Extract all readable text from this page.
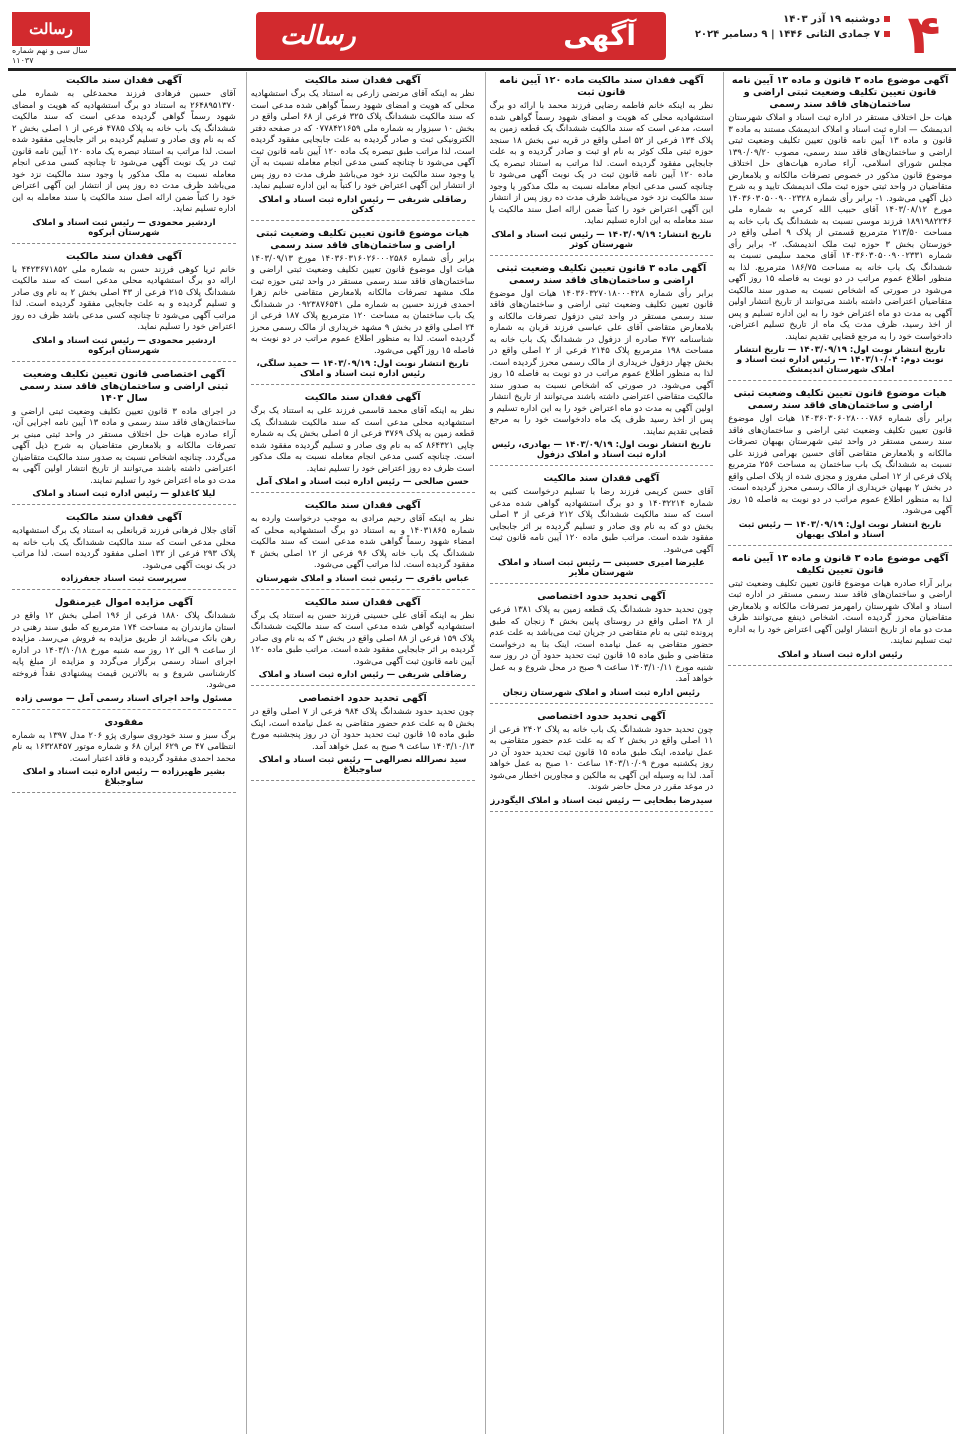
۴
دوشنبه ۱۹ آذر ۱۴۰۳
۷ جمادی الثانی ۱۴۴۶ | ۹ دسامبر ۲۰۲۴
آگهی
رسالت
رسالت
سال سی و نهم شماره ۱۱۰۳۷
آگهی موضوع ماده ۳ قانون و ماده ۱۳ آیین نامه قانون تعیین تکلیف وضعیت ثبتی اراضی و ساختمان‌های فاقد سند رسمی

هیات حل اختلاف مستقر در اداره ثبت اسناد و املاک شهرستان اندیمشک — اداره ثبت اسناد و املاک اندیمشک مستند به ماده ۳ قانون و ماده ۱۳ آیین نامه قانون تعیین تکلیف وضعیت ثبتی اراضی و ساختمان‌های فاقد سند رسمی، مصوب ۱۳۹۰/۰۹/۲۰ مجلس شورای اسلامی، آراء صادره هیات‌های حل اختلاف موضوع قانون مذکور در خصوص تصرفات مالکانه و بلامعارض متقاضیان در واحد ثبتی حوزه ثبت ملک اندیمشک تایید و به شرح ذیل آگهی می‌شود. ۱- برابر رأی شماره ۱۴۰۳۶۰۳۰۵۰۰۹۰۰۲۳۲۸ مورخ ۱۴۰۳/۰۸/۱۲ آقای حبیب الله کرمی به شماره ملی ۱۸۹۱۹۸۲۲۴۶ فرزند موسی نسبت به ششدانگ یک باب خانه به مساحت ۲۱۳/۵۰ مترمربع قسمتی از پلاک ۹ اصلی واقع در خوزستان بخش ۳ حوزه ثبت ملک اندیمشک. ۲- برابر رأی شماره ۱۴۰۳۶۰۳۰۵۰۰۹۰۰۲۳۳۱ آقای محمد سلیمی نسبت به ششدانگ یک باب خانه به مساحت ۱۸۶/۷۵ مترمربع. لذا به منظور اطلاع عموم مراتب در دو نوبت به فاصله ۱۵ روز آگهی می‌شود در صورتی که اشخاص نسبت به صدور سند مالکیت متقاضیان اعتراضی داشته باشند می‌توانند از تاریخ انتشار اولین آگهی به مدت دو ماه اعتراض خود را به این اداره تسلیم و پس از اخذ رسید، ظرف مدت یک ماه از تاریخ تسلیم اعتراض، دادخواست خود را به مرجع قضایی تقدیم نمایند.

تاریخ انتشار نوبت اول: ۱۴۰۳/۰۹/۱۹ — تاریخ انتشار نوبت دوم: ۱۴۰۳/۱۰/۰۴ — رئیس اداره ثبت اسناد و املاک شهرستان اندیمشک
هیات موضوع قانون تعیین تکلیف وضعیت ثبتی اراضی و ساختمان‌های فاقد سند رسمی

برابر رأی شماره ۱۴۰۳۶۰۳۰۶۰۲۸۰۰۰۷۸۶ هیات اول موضوع قانون تعیین تکلیف وضعیت ثبتی اراضی و ساختمان‌های فاقد سند رسمی مستقر در واحد ثبتی شهرستان بهبهان تصرفات مالکانه و بلامعارض متقاضی آقای حسین بهرامی فرزند علی نسبت به ششدانگ یک باب ساختمان به مساحت ۲۵۶ مترمربع پلاک فرعی از ۱۲ اصلی مفروز و مجزی شده از پلاک اصلی واقع در بخش ۲ بهبهان خریداری از مالک رسمی محرز گردیده است. لذا به منظور اطلاع عموم مراتب در دو نوبت به فاصله ۱۵ روز آگهی می‌شود.

تاریخ انتشار نوبت اول: ۱۴۰۳/۰۹/۱۹ — رئیس ثبت اسناد و املاک بهبهان
آگهی موضوع ماده ۳ قانون و ماده ۱۳ آیین نامه قانون تعیین تکلیف

برابر آراء صادره هیات موضوع قانون تعیین تکلیف وضعیت ثبتی اراضی و ساختمان‌های فاقد سند رسمی مستقر در اداره ثبت اسناد و املاک شهرستان رامهرمز تصرفات مالکانه و بلامعارض متقاضیان محرز گردیده است. اشخاص ذینفع می‌توانند ظرف مدت دو ماه از تاریخ انتشار اولین آگهی اعتراض خود را به اداره ثبت تسلیم نمایند.

رئیس اداره ثبت اسناد و املاک
آگهی فقدان سند مالکیت ماده ۱۲۰ آیین نامه قانون ثبت

نظر به اینکه خانم فاطمه رضایی فرزند محمد با ارائه دو برگ استشهادیه محلی که هویت و امضای شهود رسماً گواهی شده است، مدعی است که سند مالکیت ششدانگ یک قطعه زمین به پلاک ۱۳۴ فرعی از ۵۲ اصلی واقع در قریه نبی بخش ۱۸ سنجد حوزه ثبتی ملک کوثر به نام او ثبت و صادر گردیده و به علت جابجایی مفقود گردیده است. لذا مراتب به استناد تبصره یک ماده ۱۲۰ آیین نامه قانون ثبت در یک نوبت آگهی می‌شود تا چنانچه کسی مدعی انجام معامله نسبت به ملک مذکور یا وجود سند مالکیت نزد خود می‌باشد ظرف مدت ده روز پس از انتشار این آگهی اعتراض خود را کتباً ضمن ارائه اصل سند مالکیت یا سند معامله به این اداره تسلیم نماید.

تاریخ انتشار: ۱۴۰۳/۰۹/۱۹ — رئیس ثبت اسناد و املاک شهرستان کوثر
آگهی ماده ۳ قانون تعیین تکلیف وضعیت ثبتی اراضی و ساختمان‌های فاقد سند رسمی

برابر رأی شماره ۱۴۰۳۶۰۳۲۷۰۱۸۰۰۰۴۲۸ هیات اول موضوع قانون تعیین تکلیف وضعیت ثبتی اراضی و ساختمان‌های فاقد سند رسمی مستقر در واحد ثبتی دزفول تصرفات مالکانه و بلامعارض متقاضی آقای علی عباسی فرزند قربان به شماره شناسنامه ۴۷۲ صادره از دزفول در ششدانگ یک باب خانه به مساحت ۱۹۸ مترمربع پلاک ۲۱۴۵ فرعی از ۲ اصلی واقع در بخش چهار دزفول خریداری از مالک رسمی محرز گردیده است. لذا به منظور اطلاع عموم مراتب در دو نوبت به فاصله ۱۵ روز آگهی می‌شود. در صورتی که اشخاص نسبت به صدور سند مالکیت متقاضی اعتراضی داشته باشند می‌توانند از تاریخ انتشار اولین آگهی به مدت دو ماه اعتراض خود را به این اداره تسلیم و پس از اخذ رسید ظرف یک ماه دادخواست خود را به مرجع قضایی تقدیم نمایند.

تاریخ انتشار نوبت اول: ۱۴۰۳/۰۹/۱۹ — بهادری، رئیس اداره ثبت اسناد و املاک دزفول
آگهی فقدان سند مالکیت

آقای حسن کریمی فرزند رضا با تسلیم درخواست کتبی به شماره ۱۴۰۳۲۲۱۴ و دو برگ استشهادیه گواهی شده مدعی است که سند مالکیت ششدانگ پلاک ۲۱۲ فرعی از ۳ اصلی بخش دو که به نام وی صادر و تسلیم گردیده بر اثر جابجایی مفقود شده است. مراتب طبق ماده ۱۲۰ آیین نامه قانون ثبت آگهی می‌شود.

علیرضا امیری حسینی — رئیس ثبت اسناد و املاک شهرستان ملایر
آگهی تحدید حدود اختصاصی

چون تحدید حدود ششدانگ یک قطعه زمین به پلاک ۱۳۸۱ فرعی از ۲۸ اصلی واقع در روستای پایین بخش ۴ زنجان که طبق پرونده ثبتی به نام متقاضی در جریان ثبت می‌باشد به علت عدم حضور متقاضی به عمل نیامده است، اینک بنا به درخواست متقاضی و طبق ماده ۱۵ قانون ثبت تحدید حدود آن در روز سه شنبه مورخ ۱۴۰۳/۱۰/۱۱ ساعت ۹ صبح در محل شروع و به عمل خواهد آمد.

رئیس اداره ثبت اسناد و املاک شهرستان زنجان
آگهی تحدید حدود اختصاصی

چون تحدید حدود ششدانگ یک باب خانه به پلاک ۲۴۰۲ فرعی از ۱۱ اصلی واقع در بخش ۲ که به علت عدم حضور متقاضی به عمل نیامده، اینک طبق ماده ۱۵ قانون ثبت تحدید حدود آن در روز یکشنبه مورخ ۱۴۰۳/۱۰/۰۹ ساعت ۱۰ صبح به عمل خواهد آمد. لذا به وسیله این آگهی به مالکین و مجاورین اخطار می‌شود در موعد مقرر در محل حاضر شوند.

سیدرضا بطحایی — رئیس ثبت اسناد و املاک الیگودرز
آگهی فقدان سند مالکیت

نظر به اینکه آقای مرتضی زارعی به استناد یک برگ استشهادیه محلی که هویت و امضای شهود رسماً گواهی شده مدعی است که سند مالکیت ششدانگ پلاک ۳۲۵ فرعی از ۶۸ اصلی واقع در بخش ۱۰ سبزوار به شماره ملی ۰۷۷۸۴۲۱۶۵۹ که در صفحه دفتر الکترونیکی ثبت و صادر گردیده به علت جابجایی مفقود گردیده است، لذا مراتب طبق تبصره یک ماده ۱۲۰ آیین نامه قانون ثبت آگهی می‌شود تا چنانچه کسی مدعی انجام معامله نسبت به آن یا وجود سند مالکیت نزد خود می‌باشد ظرف مدت ده روز پس از انتشار این آگهی اعتراض خود را کتباً به این اداره تسلیم نماید.

رضاقلی شریفی — رئیس اداره ثبت اسناد و املاک کدکن
هیات موضوع قانون تعیین تکلیف وضعیت ثبتی اراضی و ساختمان‌های فاقد سند رسمی

برابر رأی شماره ۱۴۰۳۶۰۳۱۶۰۲۶۰۰۰۲۵۸۶ مورخ ۱۴۰۳/۰۹/۱۳ هیات اول موضوع قانون تعیین تکلیف وضعیت ثبتی اراضی و ساختمان‌های فاقد سند رسمی مستقر در واحد ثبتی حوزه ثبت ملک مشهد تصرفات مالکانه بلامعارض متقاضی خانم زهرا احمدی فرزند حسین به شماره ملی ۰۹۲۳۸۷۶۵۴۱ در ششدانگ یک باب ساختمان به مساحت ۱۲۰ مترمربع پلاک ۱۸۷ فرعی از ۲۴ اصلی واقع در بخش ۹ مشهد خریداری از مالک رسمی محرز گردیده است. لذا به منظور اطلاع عموم مراتب در دو نوبت به فاصله ۱۵ روز آگهی می‌شود.

تاریخ انتشار نوبت اول: ۱۴۰۳/۰۹/۱۹ — حمید سلگی، رئیس اداره ثبت اسناد و املاک
آگهی فقدان سند مالکیت

نظر به اینکه آقای محمد قاسمی فرزند علی به استناد یک برگ استشهادیه محلی مدعی است که سند مالکیت ششدانگ یک قطعه زمین به پلاک ۳۷۶۹ فرعی از ۵ اصلی بخش یک به شماره چاپی ۸۶۴۳۲۱ که به نام وی صادر و تسلیم گردیده مفقود شده است. چنانچه کسی مدعی انجام معامله نسبت به ملک مذکور است ظرف ده روز اعتراض خود را تسلیم نماید.

حسن صالحی — رئیس اداره ثبت اسناد و املاک آمل
آگهی فقدان سند مالکیت

نظر به اینکه آقای رحیم مرادی به موجب درخواست وارده به شماره ۱۴۰۳۱۸۶۵ و به استناد دو برگ استشهادیه محلی که امضاء شهود رسماً گواهی شده مدعی است که سند مالکیت ششدانگ یک باب خانه پلاک ۹۶ فرعی از ۱۲ اصلی بخش ۴ مفقود گردیده است. لذا مراتب آگهی می‌شود.

عباس باقری — رئیس ثبت اسناد و املاک شهرستان
آگهی فقدان سند مالکیت

نظر به اینکه آقای علی حسینی فرزند حسن به استناد یک برگ استشهادیه گواهی شده مدعی است که سند مالکیت ششدانگ پلاک ۱۵۹ فرعی از ۸۸ اصلی واقع در بخش ۳ که به نام وی صادر گردیده بر اثر جابجایی مفقود شده است. مراتب طبق ماده ۱۲۰ آیین نامه قانون ثبت آگهی می‌شود.

رضاقلی شریفی — رئیس اداره ثبت اسناد و املاک
آگهی تحدید حدود اختصاصی

چون تحدید حدود ششدانگ پلاک ۹۸۴ فرعی از ۷ اصلی واقع در بخش ۵ به علت عدم حضور متقاضی به عمل نیامده است، اینک طبق ماده ۱۵ قانون ثبت تحدید حدود آن در روز پنجشنبه مورخ ۱۴۰۳/۱۰/۱۳ ساعت ۹ صبح به عمل خواهد آمد.

سید نصرالله نصرالهی — رئیس ثبت اسناد و املاک ساوجبلاغ
آگهی فقدان سند مالکیت

آقای حسین فرهادی فرزند محمدعلی به شماره ملی ۲۶۴۸۹۵۱۳۷۰ به استناد دو برگ استشهادیه که هویت و امضای شهود رسماً گواهی گردیده مدعی است که سند مالکیت ششدانگ یک باب خانه به پلاک ۴۷۸۵ فرعی از ۱ اصلی بخش ۲ که به نام وی صادر و تسلیم گردیده بر اثر جابجایی مفقود شده است. لذا مراتب به استناد تبصره یک ماده ۱۲۰ آیین نامه قانون ثبت در یک نوبت آگهی می‌شود تا چنانچه کسی مدعی انجام معامله نسبت به ملک مذکور یا وجود سند مالکیت نزد خود می‌باشد ظرف مدت ده روز پس از انتشار این آگهی اعتراض خود را کتباً ضمن ارائه اصل سند مالکیت یا سند معامله به این اداره تسلیم نماید.

اردشیر محمودی — رئیس ثبت اسناد و املاک شهرستان ابرکوه
آگهی فقدان سند مالکیت

خانم ثریا کوهی فرزند حسن به شماره ملی ۴۴۲۳۶۷۱۸۵۲ با ارائه دو برگ استشهادیه محلی مدعی است که سند مالکیت ششدانگ پلاک ۲۱۵ فرعی از ۴۳ اصلی بخش ۲ به نام وی صادر و تسلیم گردیده و به علت جابجایی مفقود گردیده است. لذا مراتب آگهی می‌شود تا چنانچه کسی مدعی باشد ظرف ده روز اعتراض خود را تسلیم نماید.

اردشیر محمودی — رئیس ثبت اسناد و املاک شهرستان ابرکوه
آگهی اختصاصی قانون تعیین تکلیف وضعیت ثبتی اراضی و ساختمان‌های فاقد سند رسمی سال ۱۴۰۳

در اجرای ماده ۳ قانون تعیین تکلیف وضعیت ثبتی اراضی و ساختمان‌های فاقد سند رسمی و ماده ۱۳ آیین نامه اجرایی آن، آراء صادره هیات حل اختلاف مستقر در واحد ثبتی مبنی بر تصرفات مالکانه و بلامعارض متقاضیان به شرح ذیل آگهی می‌گردد. چنانچه اشخاص نسبت به صدور سند مالکیت متقاضیان اعتراضی داشته باشند می‌توانند از تاریخ انتشار اولین آگهی به مدت دو ماه اعتراض خود را تسلیم نمایند.

لیلا کاغذلو — رئیس اداره ثبت اسناد و املاک
آگهی فقدان سند مالکیت

آقای جلال فرهانی فرزند قربانعلی به استناد یک برگ استشهادیه محلی مدعی است که سند مالکیت ششدانگ یک باب خانه به پلاک ۲۹۳ فرعی از ۱۳۲ اصلی مفقود گردیده است. لذا مراتب در یک نوبت آگهی می‌شود.

سرپرست ثبت اسناد جعفرزاده
آگهی مزایده اموال غیرمنقول

ششدانگ پلاک ۱۸۸۰ فرعی از ۱۹۶ اصلی بخش ۱۲ واقع در استان مازندران به مساحت ۱۷۴ مترمربع که طبق سند رهنی در رهن بانک می‌باشد از طریق مزایده به فروش می‌رسد. مزایده از ساعت ۹ الی ۱۲ روز سه شنبه مورخ ۱۴۰۳/۱۰/۱۸ در اداره اجرای اسناد رسمی برگزار می‌گردد و مزایده از مبلغ پایه کارشناسی شروع و به بالاترین قیمت پیشنهادی نقداً فروخته می‌شود.

مسئول واحد اجرای اسناد رسمی آمل — موسی زاده
مفقودی

برگ سبز و سند خودروی سواری پژو ۲۰۶ مدل ۱۳۹۷ به شماره انتظامی ۴۷ ص ۶۲۹ ایران ۶۸ و شماره موتور ۱۶۳۲۸۴۵۷ به نام محمد احمدی مفقود گردیده و فاقد اعتبار است.

بشیر ظهیرزاده — رئیس اداره ثبت اسناد و املاک ساوجبلاغ
